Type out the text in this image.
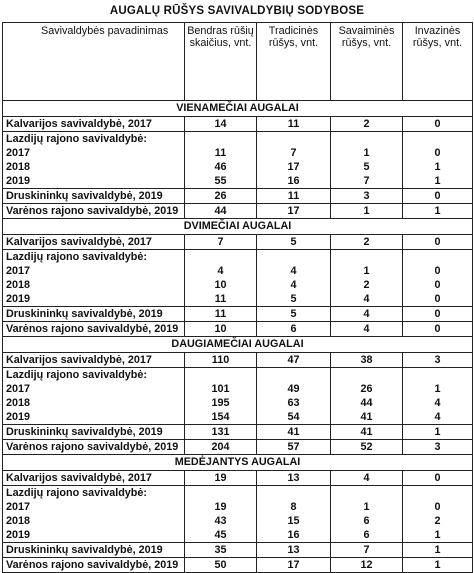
AUGALŲ RŪŠYS SAVIVALDYBIŲ SODYBOSE
Savivaldybės pavadinimas	Bendras rūšių skaičius, vnt.	Tradicinės rūšys, vnt.	Savaiminės rūšys, vnt.	Invazinės rūšys, vnt.
VIENAMEČIAI AUGALAI				
Kalvarijos savivaldybė, 2017	14	11	2	0
Lazdijų rajono savivaldybė:				
2017	11	7	1	0
2018	46	17	5	1
2019	55	16	7	1
Druskininkų savivaldybė, 2019	26	11	3	0
Varėnos rajono savivaldybė, 2019	44	17	1	1
DVIMEČIAI AUGALAI				
Kalvarijos savivaldybė, 2017	7	5	2	0
Lazdijų rajono savivaldybė:				
2017	4	4	1	0
2018	10	4	2	0
2019	11	5	4	0
Druskininkų savivaldybė, 2019	11	5	4	0
Varėnos rajono savivaldybė, 2019	10	6	4	0
DAUGIAMEČIAI AUGALAI				
Kalvarijos savivaldybė, 2017	110	47	38	3
Lazdijų rajono savivaldybė:				
2017	101	49	26	1
2018	195	63	44	4
2019	154	54	41	4
Druskininkų savivaldybė, 2019	131	41	41	1
Varėnos rajono savivaldybė, 2019	204	57	52	3
MEDĖJANTYS AUGALAI				
Kalvarijos savivaldybė, 2017	19	13	4	0
Lazdijų rajono savivaldybė:				
2017	19	8	1	0
2018	43	15	6	2
2019	45	16	6	1
Druskininkų savivaldybė, 2019	35	13	7	1
Varėnos rajono savivaldybė, 2019	50	17	12	1
